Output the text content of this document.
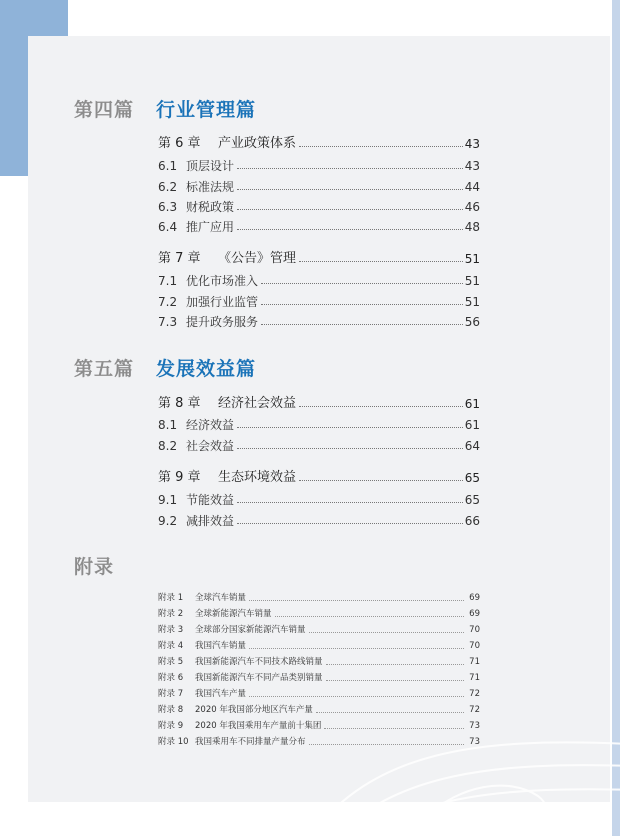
第四篇 行业管理篇
第 6 章	产业政策体系	43
6.1 顶层设计	43
6.2 标准法规	44
6.3 财税政策	46
6.4 推广应用	48
第 7 章	《公告》管理	51
7.1 优化市场准入	51
7.2 加强行业监管	51
7.3 提升政务服务	56
第五篇 发展效益篇
第 8 章	经济社会效益	61
8.1 经济效益	61
8.2 社会效益	64
第 9 章	生态环境效益	65
9.1 节能效益	65
9.2 减排效益	66
附录
附录 1	全球汽车销量	69
附录 2	全球新能源汽车销量	69
附录 3	全球部分国家新能源汽车销量	70
附录 4	我国汽车销量	70
附录 5	我国新能源汽车不同技术路线销量	71
附录 6	我国新能源汽车不同产品类别销量	71
附录 7	我国汽车产量	72
附录 8	2020 年我国部分地区汽车产量	72
附录 9	2020 年我国乘用车产量前十集团	73
附录 10 我国乘用车不同排量产量分布	73
